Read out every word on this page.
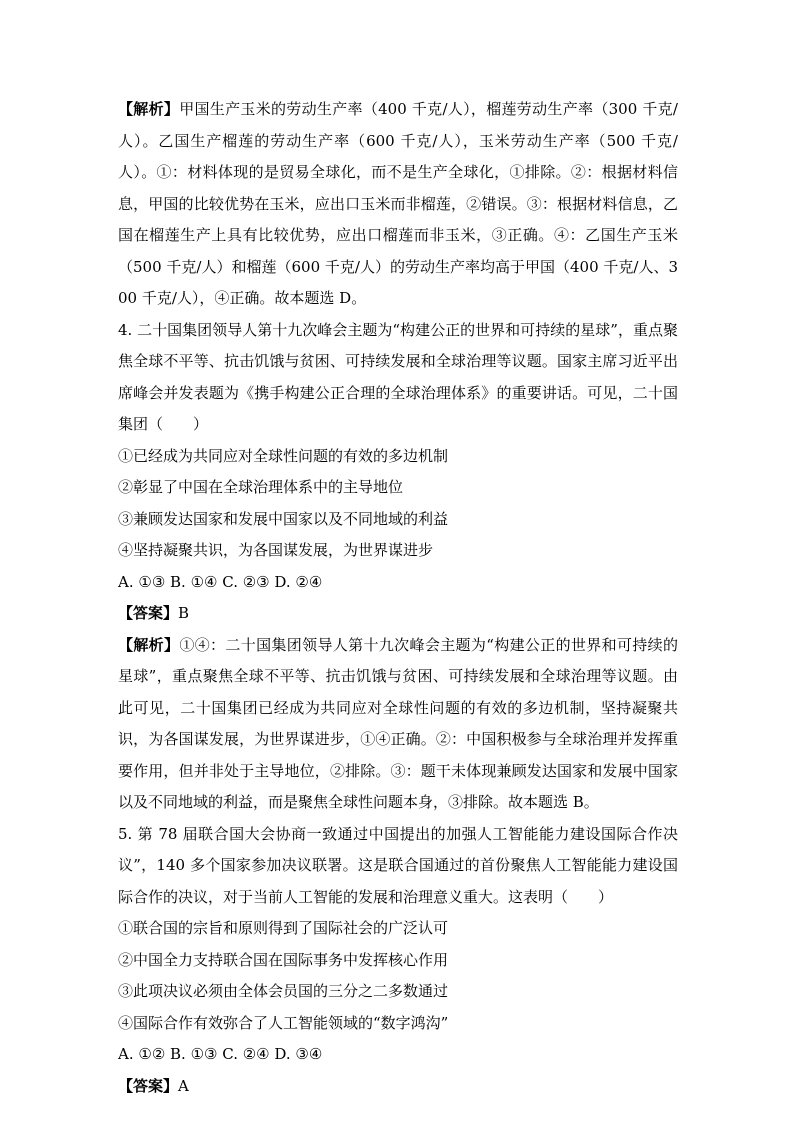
【解析】甲国生产玉米的劳动生产率（400 千克/人），榴莲劳动生产率（300 千克/人）。乙国生产榴莲的劳动生产率（600 千克/人），玉米劳动生产率（500 千克/人）。①：材料体现的是贸易全球化，而不是生产全球化，①排除。②：根据材料信息，甲国的比较优势在玉米，应出口玉米而非榴莲，②错误。③：根据材料信息，乙国在榴莲生产上具有比较优势，应出口榴莲而非玉米，③正确。④：乙国生产玉米（500 千克/人）和榴莲（600 千克/人）的劳动生产率均高于甲国（400 千克/人、300 千克/人），④正确。故本题选 D。

4. 二十国集团领导人第十九次峰会主题为“构建公正的世界和可持续的星球”，重点聚焦全球不平等、抗击饥饿与贫困、可持续发展和全球治理等议题。国家主席习近平出席峰会并发表题为《携手构建公正合理的全球治理体系》的重要讲话。可见，二十国集团（　　）

①已经成为共同应对全球性问题的有效的多边机制

②彰显了中国在全球治理体系中的主导地位

③兼顾发达国家和发展中国家以及不同地域的利益

④坚持凝聚共识，为各国谋发展，为世界谋进步

A. ①③ B. ①④ C. ②③ D. ②④

【答案】B

【解析】①④：二十国集团领导人第十九次峰会主题为“构建公正的世界和可持续的星球”，重点聚焦全球不平等、抗击饥饿与贫困、可持续发展和全球治理等议题。由此可见，二十国集团已经成为共同应对全球性问题的有效的多边机制，坚持凝聚共识，为各国谋发展，为世界谋进步，①④正确。②：中国积极参与全球治理并发挥重要作用，但并非处于主导地位，②排除。③：题干未体现兼顾发达国家和发展中国家以及不同地域的利益，而是聚焦全球性问题本身，③排除。故本题选 B。

5. 第 78 届联合国大会协商一致通过中国提出的加强人工智能能力建设国际合作决议”，140 多个国家参加决议联署。这是联合国通过的首份聚焦人工智能能力建设国际合作的决议，对于当前人工智能的发展和治理意义重大。这表明（　　）

①联合国的宗旨和原则得到了国际社会的广泛认可

②中国全力支持联合国在国际事务中发挥核心作用

③此项决议必须由全体会员国的三分之二多数通过

④国际合作有效弥合了人工智能领域的“数字鸿沟”

A. ①② B. ①③ C. ②④ D. ③④

【答案】A
